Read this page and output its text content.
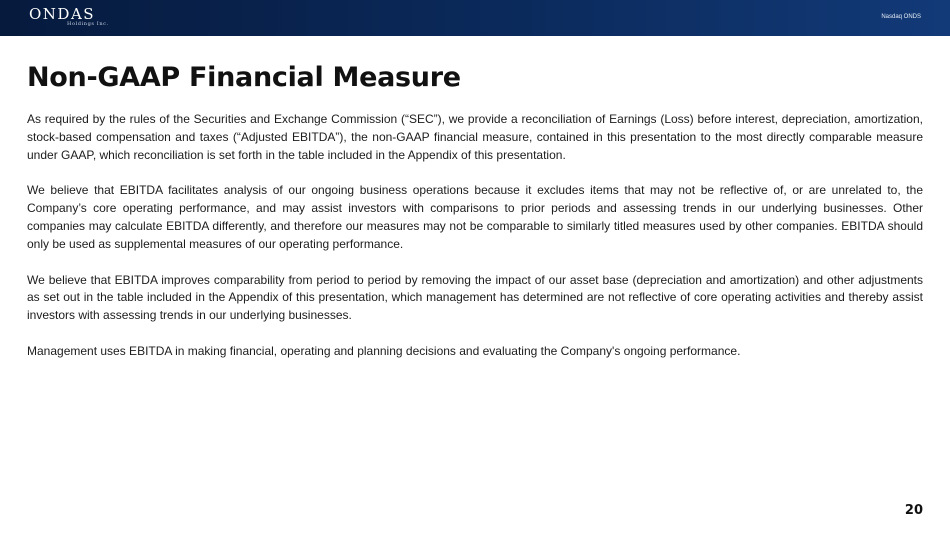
ONDAS
Holdings Inc.
Nasdaq ONDS
Non-GAAP Financial Measure

As required by the rules of the Securities and Exchange Commission (“SEC”), we provide a reconciliation of Earnings (Loss) before interest, depreciation, amortization, stock-based compensation and taxes (“Adjusted EBITDA”), the non-GAAP financial measure, contained in this presentation to the most directly comparable measure under GAAP, which reconciliation is set forth in the table included in the Appendix of this presentation.

We believe that EBITDA facilitates analysis of our ongoing business operations because it excludes items that may not be reflective of, or are unrelated to, the Company’s core operating performance, and may assist investors with comparisons to prior periods and assessing trends in our underlying businesses. Other companies may calculate EBITDA differently, and therefore our measures may not be comparable to similarly titled measures used by other companies. EBITDA should only be used as supplemental measures of our operating performance.

We believe that EBITDA improves comparability from period to period by removing the impact of our asset base (depreciation and amortization) and other adjustments as set out in the table included in the Appendix of this presentation, which management has determined are not reflective of core operating activities and thereby assist investors with assessing trends in our underlying businesses.

Management uses EBITDA in making financial, operating and planning decisions and evaluating the Company's ongoing performance.

20
